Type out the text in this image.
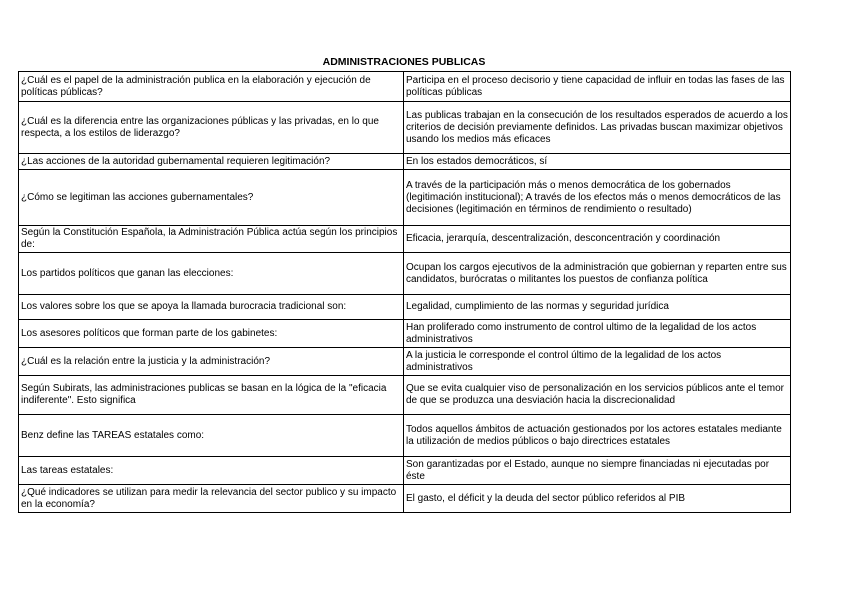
ADMINISTRACIONES PUBLICAS
¿Cuál es el papel de la administración publica en la elaboración y ejecución de políticas públicas?	Participa en el proceso decisorio y tiene capacidad de influir en todas las fases de las políticas públicas
¿Cuál es la diferencia entre las organizaciones públicas y las privadas, en lo que respecta, a los estilos de liderazgo?	Las publicas trabajan en la consecución de los resultados esperados de acuerdo a los criterios de decisión previamente definidos. Las privadas buscan maximizar objetivos usando los medios más eficaces
¿Las acciones de la autoridad gubernamental requieren legitimación?	En los estados democráticos, sí
¿Cómo se legitiman las acciones gubernamentales?	A través de la participación más o menos democrática de los gobernados (legitimación institucional); A través de los efectos más o menos democráticos de las decisiones (legitimación en términos de rendimiento o resultado)
Según la Constitución Española, la Administración Pública actúa según los principios de:	Eficacia, jerarquía, descentralización, desconcentración y coordinación
Los partidos políticos que ganan las elecciones:	Ocupan los cargos ejecutivos de la administración que gobiernan y reparten entre sus candidatos, burócratas o militantes los puestos de confianza política
Los valores sobre los que se apoya la llamada burocracia tradicional son:	Legalidad, cumplimiento de las normas y seguridad jurídica
Los asesores políticos que forman parte de los gabinetes:	Han proliferado como instrumento de control ultimo de la legalidad de los actos administrativos
¿Cuál es la relación entre la justicia y la administración?	A la justicia le corresponde el control último de la legalidad de los actos administrativos
Según Subirats, las administraciones publicas se basan en la lógica de la "eficacia indiferente". Esto significa	Que se evita cualquier viso de personalización en los servicios públicos ante el temor de que se produzca una desviación hacia la discrecionalidad
Benz define las TAREAS estatales como:	Todos aquellos ámbitos de actuación gestionados por los actores estatales mediante la utilización de medios públicos o bajo directrices estatales
Las tareas estatales:	Son garantizadas por el Estado, aunque no siempre financiadas ni ejecutadas por éste
¿Qué indicadores se utilizan para medir la relevancia del sector publico y su impacto en la economía?	El gasto, el déficit y la deuda del sector público referidos al PIB
